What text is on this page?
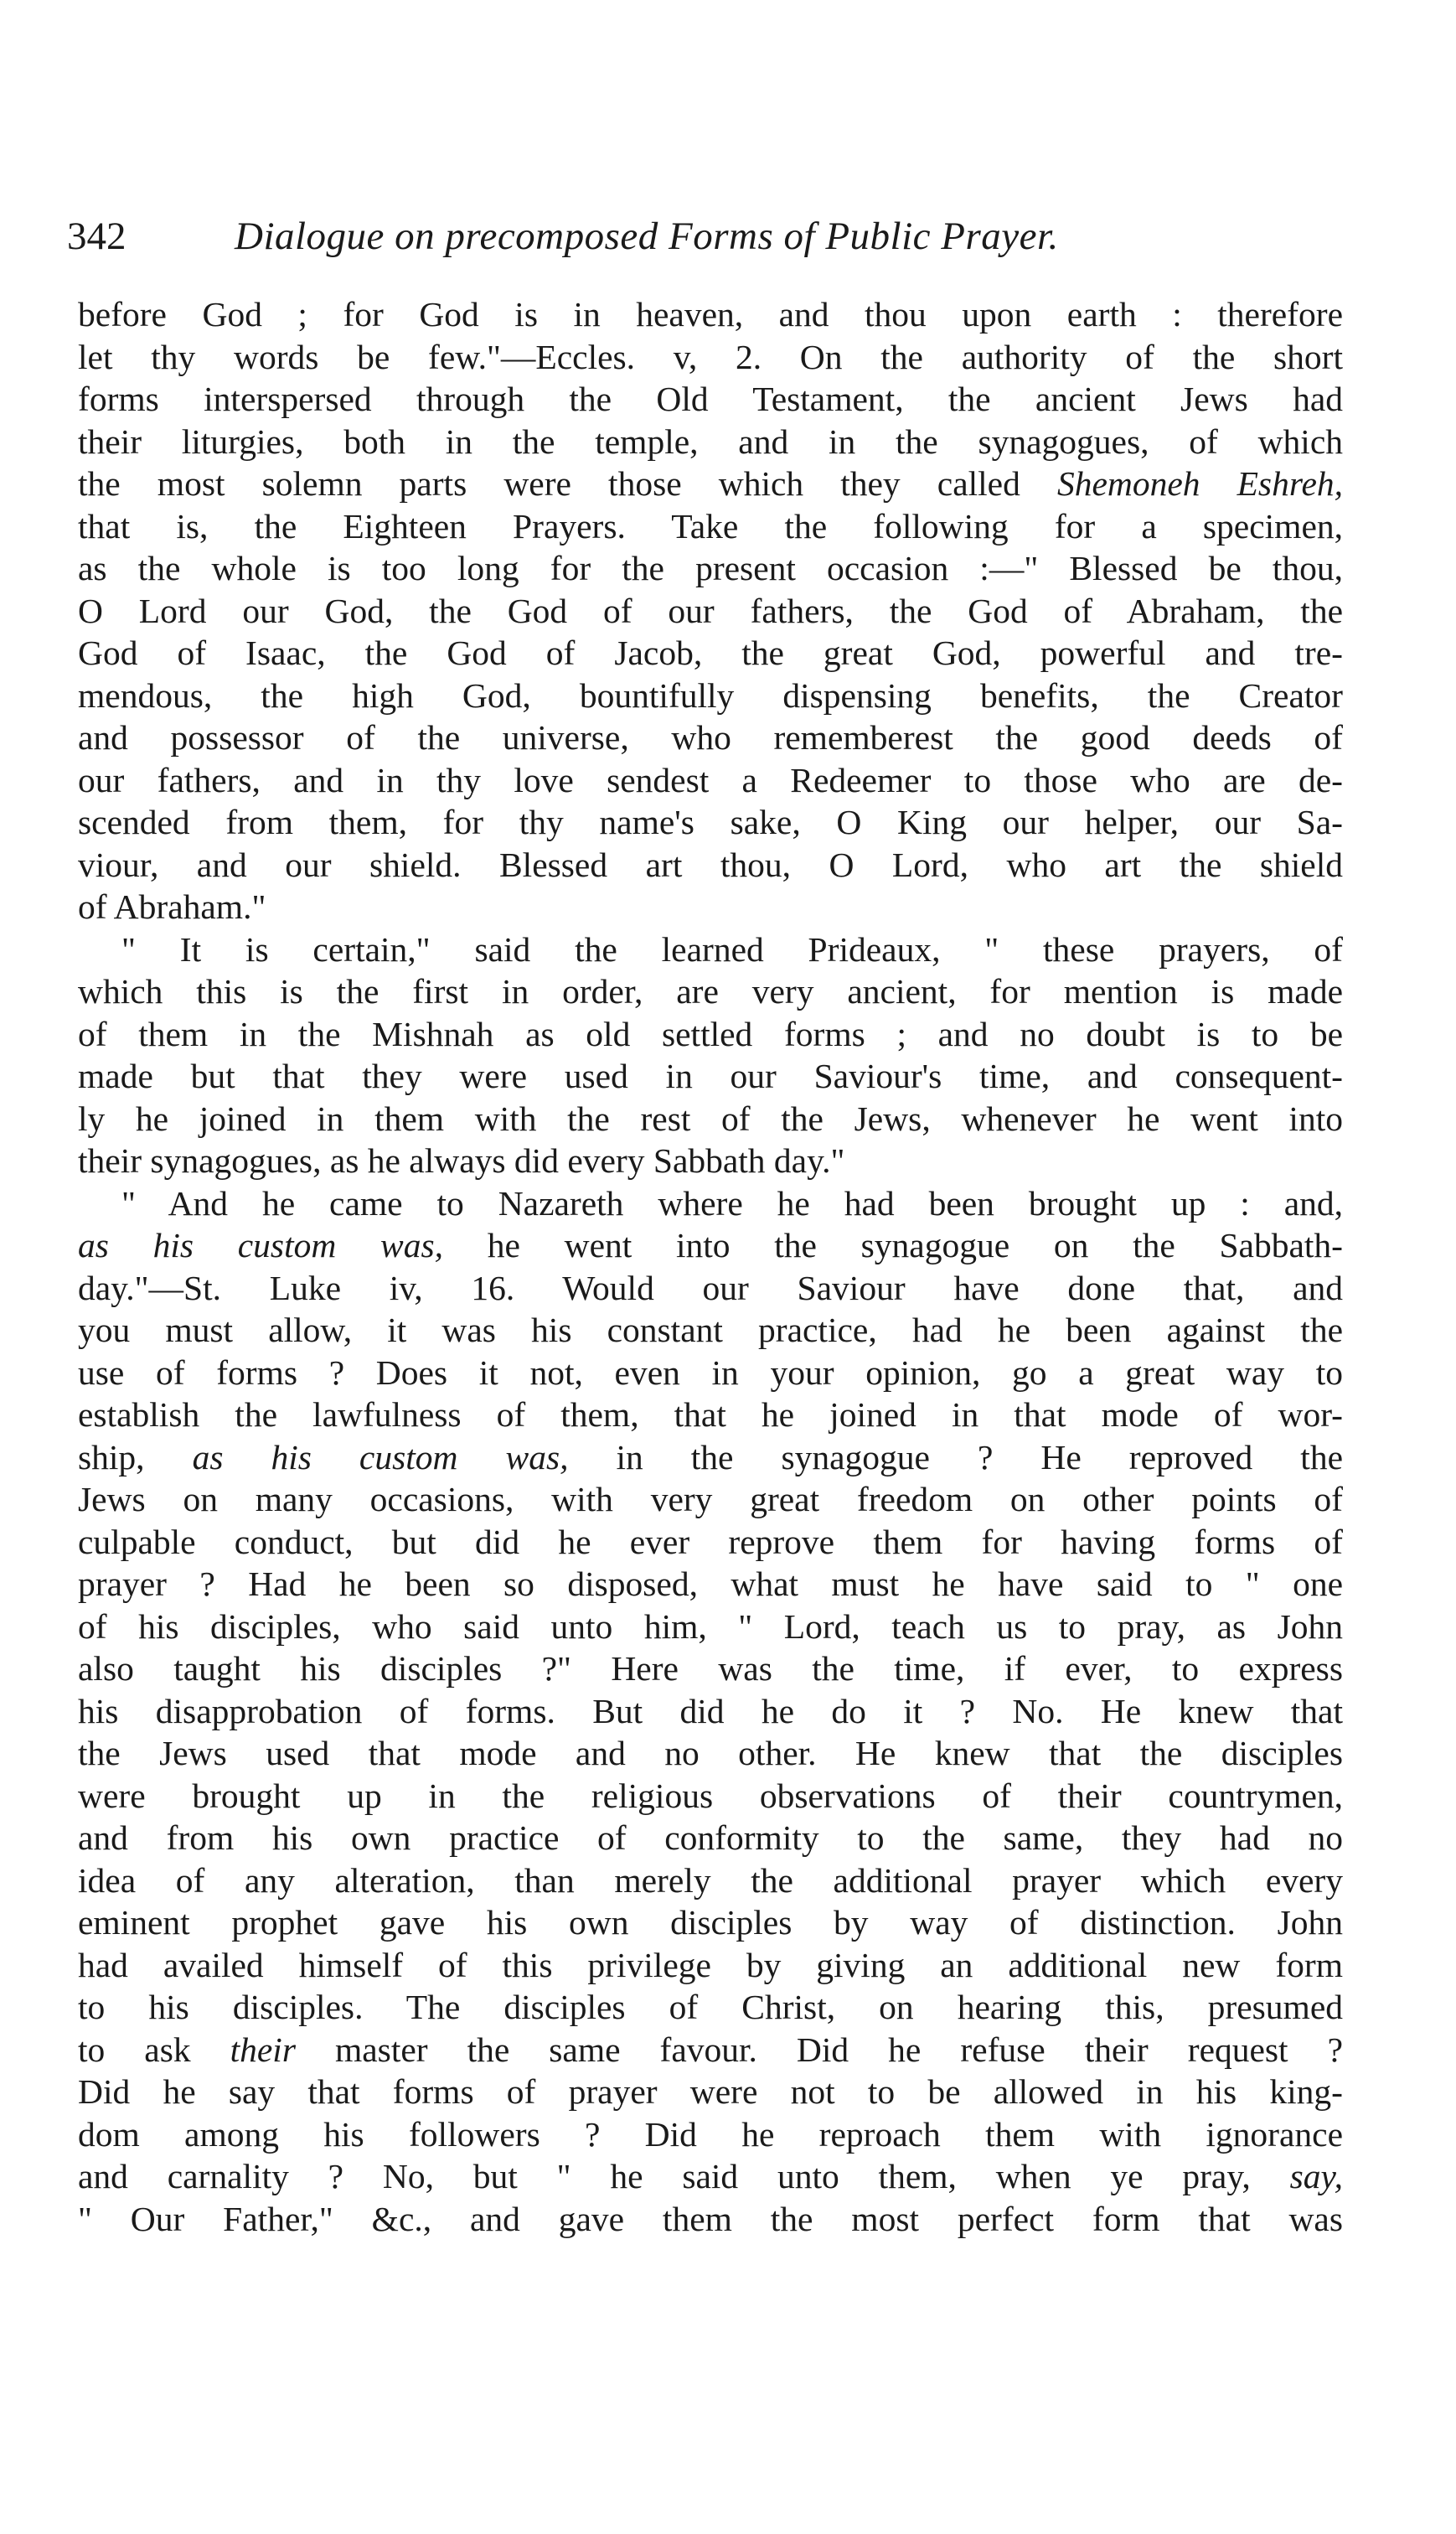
342	Dialogue on precomposed Forms of Public Prayer.
before God ; for God is in heaven, and thou upon earth : therefore
let thy words be few."—Eccles. v, 2. On the authority of the short
forms interspersed through the Old Testament, the ancient Jews had
their liturgies, both in the temple, and in the synagogues, of which
the most solemn parts were those which they called Shemoneh Eshreh,
that is, the Eighteen Prayers. Take the following for a specimen,
as the whole is too long for the present occasion :—" Blessed be thou,
O Lord our God, the God of our fathers, the God of Abraham, the
God of Isaac, the God of Jacob, the great God, powerful and tre-
mendous, the high God, bountifully dispensing benefits, the Creator
and possessor of the universe, who rememberest the good deeds of
our fathers, and in thy love sendest a Redeemer to those who are de-
scended from them, for thy name's sake, O King our helper, our Sa-
viour, and our shield. Blessed art thou, O Lord, who art the shield
of Abraham."
" It is certain," said the learned Prideaux, " these prayers, of
which this is the first in order, are very ancient, for mention is made
of them in the Mishnah as old settled forms ; and no doubt is to be
made but that they were used in our Saviour's time, and consequent-
ly he joined in them with the rest of the Jews, whenever he went into
their synagogues, as he always did every Sabbath day."
" And he came to Nazareth where he had been brought up : and,
as his custom was, he went into the synagogue on the Sabbath-
day."—St. Luke iv, 16. Would our Saviour have done that, and
you must allow, it was his constant practice, had he been against the
use of forms ? Does it not, even in your opinion, go a great way to
establish the lawfulness of them, that he joined in that mode of wor-
ship, as his custom was, in the synagogue ? He reproved the
Jews on many occasions, with very great freedom on other points of
culpable conduct, but did he ever reprove them for having forms of
prayer ? Had he been so disposed, what must he have said to " one
of his disciples, who said unto him, " Lord, teach us to pray, as John
also taught his disciples ?" Here was the time, if ever, to express
his disapprobation of forms. But did he do it ? No. He knew that
the Jews used that mode and no other. He knew that the disciples
were brought up in the religious observations of their countrymen,
and from his own practice of conformity to the same, they had no
idea of any alteration, than merely the additional prayer which every
eminent prophet gave his own disciples by way of distinction. John
had availed himself of this privilege by giving an additional new form
to his disciples. The disciples of Christ, on hearing this, presumed
to ask their master the same favour. Did he refuse their request ?
Did he say that forms of prayer were not to be allowed in his king-
dom among his followers ? Did he reproach them with ignorance
and carnality ? No, but " he said unto them, when ye pray, say,
" Our Father," &c., and gave them the most perfect form that was
